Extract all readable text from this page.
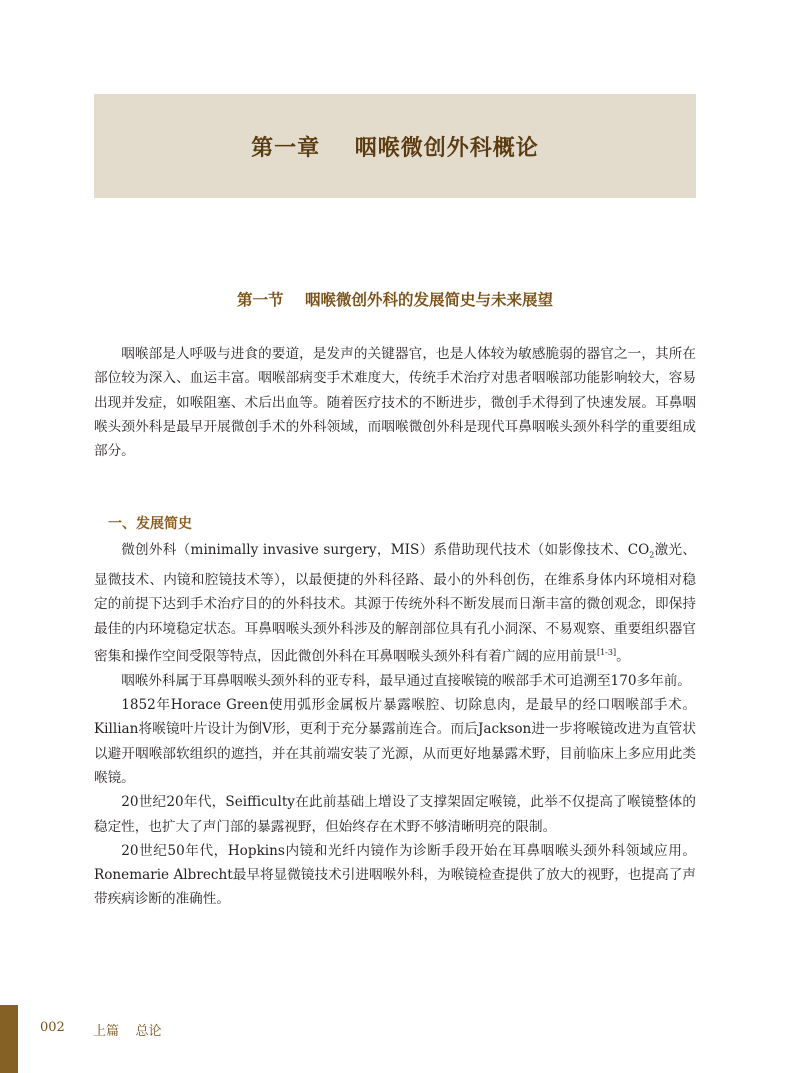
第一章    咽喉微创外科概论
第一节    咽喉微创外科的发展简史与未来展望

咽喉部是人呼吸与进食的要道，是发声的关键器官，也是人体较为敏感脆弱的器官之一，其所在部位较为深入、血运丰富。咽喉部病变手术难度大，传统手术治疗对患者咽喉部功能影响较大，容易出现并发症，如喉阻塞、术后出血等。随着医疗技术的不断进步，微创手术得到了快速发展。耳鼻咽喉头颈外科是最早开展微创手术的外科领域，而咽喉微创外科是现代耳鼻咽喉头颈外科学的重要组成部分。

一、发展简史

微创外科（minimally invasive surgery，MIS）系借助现代技术（如影像技术、$CO_2$激光、显微技术、内镜和腔镜技术等），以最便捷的外科径路、最小的外科创伤，在维系身体内环境相对稳定的前提下达到手术治疗目的的外科技术。其源于传统外科不断发展而日渐丰富的微创观念，即保持最佳的内环境稳定状态。耳鼻咽喉头颈外科涉及的解剖部位具有孔小洞深、不易观察、重要组织器官密集和操作空间受限等特点，因此微创外科在耳鼻咽喉头颈外科有着广阔的应用前景[1-3]。

咽喉外科属于耳鼻咽喉头颈外科的亚专科，最早通过直接喉镜的喉部手术可追溯至170多年前。

1852年Horace Green使用弧形金属板片暴露喉腔、切除息肉，是最早的经口咽喉部手术。Killian将喉镜叶片设计为倒V形，更利于充分暴露前连合。而后Jackson进一步将喉镜改进为直管状以避开咽喉部软组织的遮挡，并在其前端安装了光源，从而更好地暴露术野，目前临床上多应用此类喉镜。

20世纪20年代，Seifficulty在此前基础上增设了支撑架固定喉镜，此举不仅提高了喉镜整体的稳定性，也扩大了声门部的暴露视野，但始终存在术野不够清晰明亮的限制。

20世纪50年代，Hopkins内镜和光纤内镜作为诊断手段开始在耳鼻咽喉头颈外科领域应用。Ronemarie Albrecht最早将显微镜技术引进咽喉外科，为喉镜检查提供了放大的视野，也提高了声带疾病诊断的准确性。

002 上篇    总论
